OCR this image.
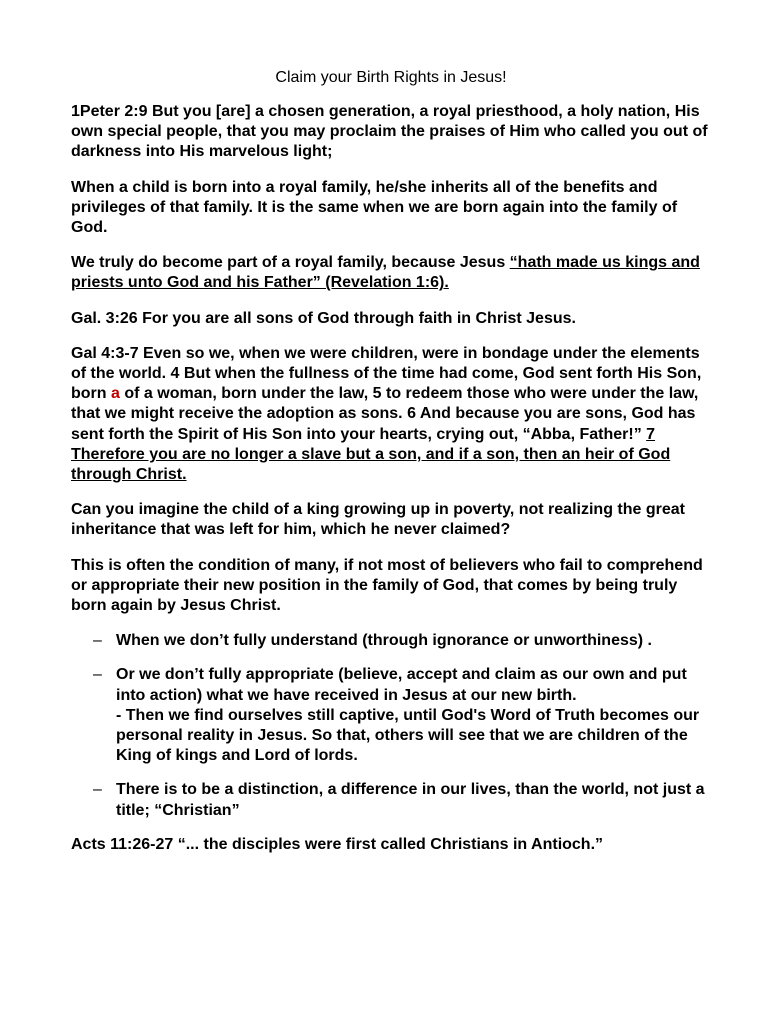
Claim your Birth Rights in Jesus!

1Peter 2:9 But you [are] a chosen generation, a royal priesthood, a holy nation, His own special people, that you may proclaim the praises of Him who called you out of darkness into His marvelous light;

When a child is born into a royal family, he/she inherits all of the benefits and privileges of that family. It is the same when we are born again into the family of God.

We truly do become part of a royal family, because Jesus “hath made us kings and priests unto God and his Father” (Revelation 1:6).

Gal. 3:26 For you are all sons of God through faith in Christ Jesus.

Gal 4:3-7 Even so we, when we were children, were in bondage under the elements of the world. 4 But when the fullness of the time had come, God sent forth His Son, born a of a woman, born under the law, 5 to redeem those who were under the law, that we might receive the adoption as sons. 6 And because you are sons, God has sent forth the Spirit of His Son into your hearts, crying out, “Abba, Father!” 7 Therefore you are no longer a slave but a son, and if a son, then an heir of God through Christ.

Can you imagine the child of a king growing up in poverty, not realizing the great inheritance that was left for him, which he never claimed?

This is often the condition of many, if not most of believers who fail to comprehend or appropriate their new position in the family of God, that comes by being truly born again by Jesus Christ.

– When we don’t fully understand (through ignorance or unworthiness) .
– Or we don’t fully appropriate (believe, accept and claim as our own and put into action) what we have received in Jesus at our new birth.
- Then we find ourselves still captive, until God's Word of Truth becomes our personal reality in Jesus. So that, others will see that we are children of the King of kings and Lord of lords.
– There is to be a distinction, a difference in our lives, than the world, not just a title; “Christian”

Acts 11:26-27 “... the disciples were first called Christians in Antioch.”
